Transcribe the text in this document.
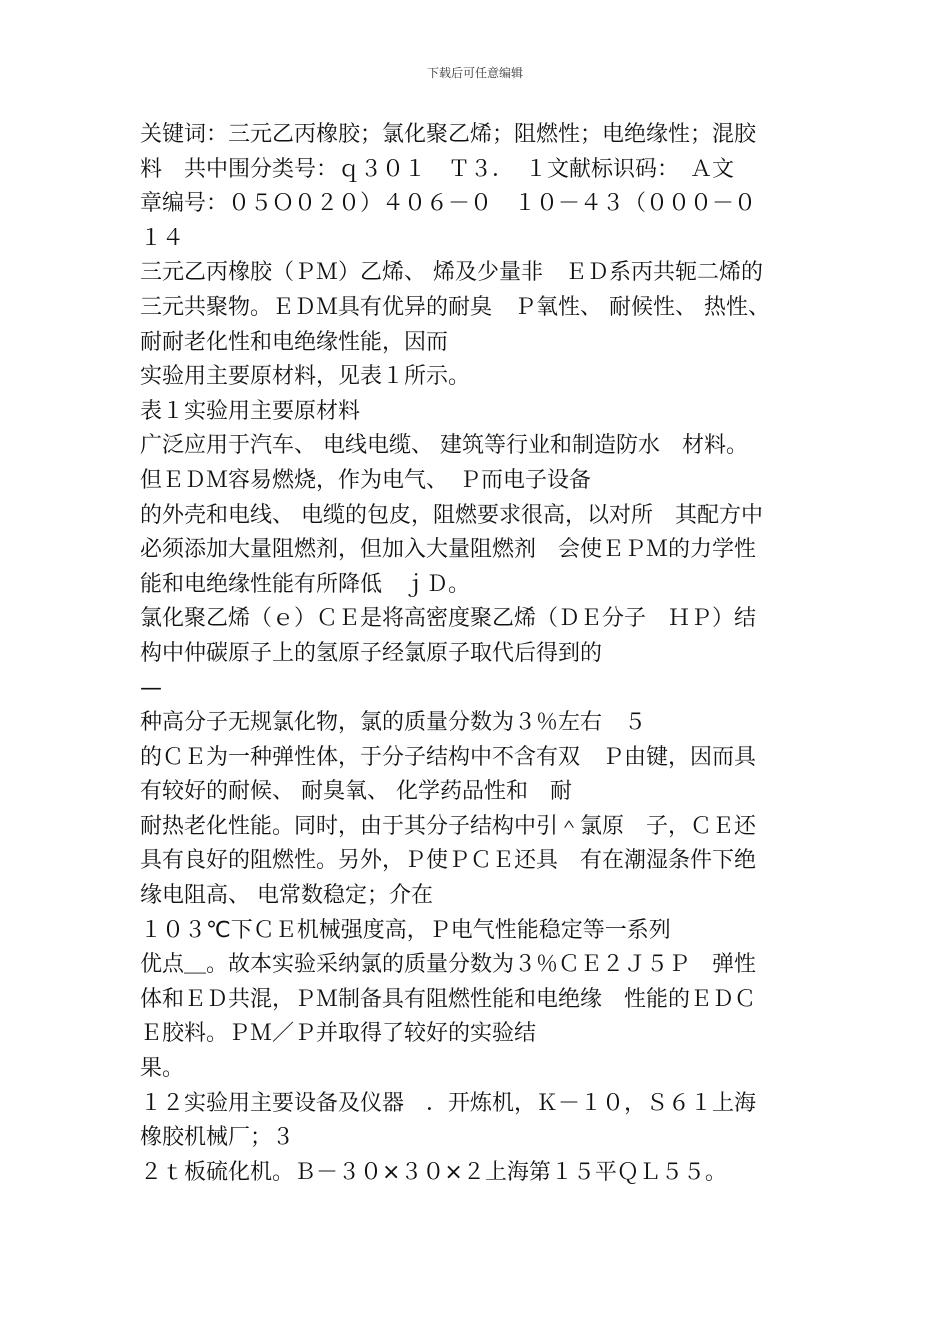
下载后可任意编辑
关键词：三元乙丙橡胶；氯化聚乙烯；阻燃性；电绝缘性；混胶
料　共中围分类号：ｑ３０１　Ｔ３．　１文献标识码：　Ａ文
章编号：０５Ｏ０２０）４０６－０　１０－４３（０００－０
１４
三元乙丙橡胶（ＰＭ）乙烯、 烯及少量非　ＥＤ系丙共轭二烯的
三元共聚物。ＥＤＭ具有优异的耐臭　Ｐ氧性、 耐候性、 热性、
耐耐老化性和电绝缘性能，因而
实验用主要原材料，见表１所示。
表１实验用主要原材料
广泛应用于汽车、 电线电缆、 建筑等行业和制造防水　材料。
但ＥＤＭ容易燃烧，作为电气、　Ｐ而电子设备
的外壳和电线、 电缆的包皮，阻燃要求很高，以对所　其配方中
必须添加大量阻燃剂，但加入大量阻燃剂　会使ＥＰＭ的力学性
能和电绝缘性能有所降低　ｊＤ。
氯化聚乙烯（ｅ）ＣＥ是将高密度聚乙烯（ＤＥ分子　ＨＰ）结
构中仲碳原子上的氢原子经氯原子取代后得到的
—
种高分子无规氯化物，氯的质量分数为３％左右　５
的ＣＥ为一种弹性体，于分子结构中不含有双　Ｐ由键，因而具
有较好的耐候、 耐臭氧、 化学药品性和　耐
耐热老化性能。同时，由于其分子结构中引＾氯原　子，ＣＥ还
具有良好的阻燃性。另外，Ｐ使ＰＣＥ还具　有在潮湿条件下绝
缘电阻高、 电常数稳定；介在
１０３℃下ＣＥ机械强度高，Ｐ电气性能稳定等一系列
优点＿。故本实验采纳氯的质量分数为３％ＣＥ２Ｊ５Ｐ　弹性
体和ＥＤ共混，ＰＭ制备具有阻燃性能和电绝缘　性能的ＥＤＣ
Ｅ胶料。ＰＭ／Ｐ并取得了较好的实验结
果。
１２实验用主要设备及仪器　．开炼机，Ｋ－１０，Ｓ６１上海
橡胶机械厂；３
２ｔ板硫化机。Ｂ－３０×３０×２上海第１５平ＱＬ５５。
